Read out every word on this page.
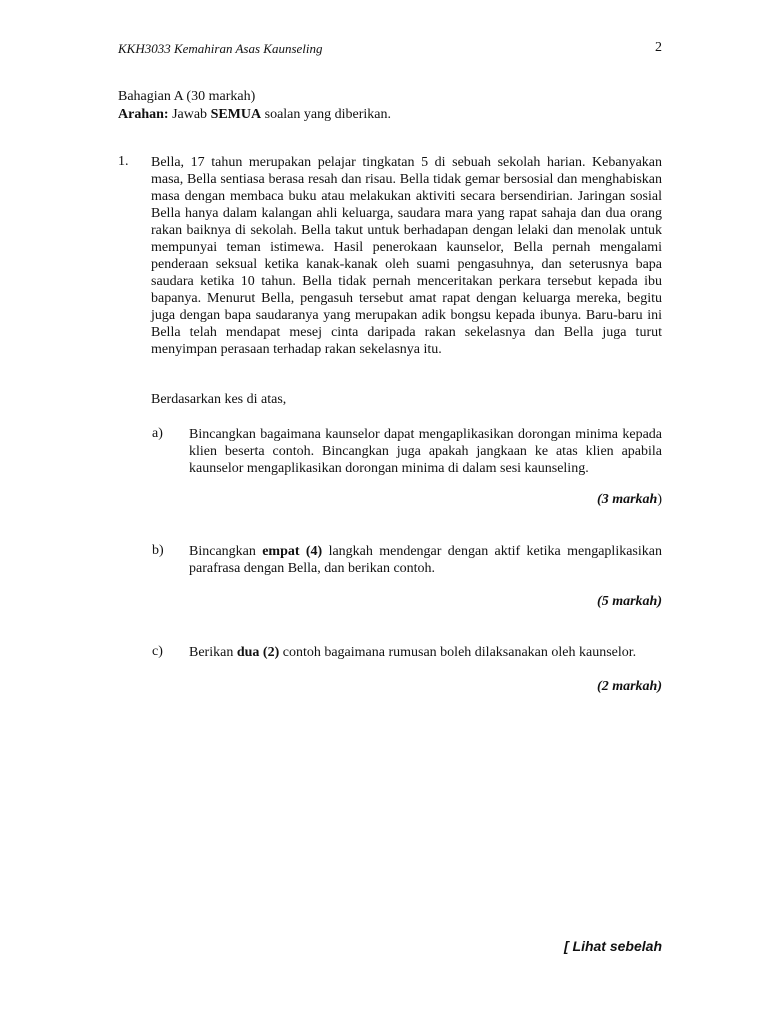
KKH3033 Kemahiran Asas Kaunseling	2
Bahagian A (30 markah)
Arahan: Jawab SEMUA soalan yang diberikan.
1. Bella, 17 tahun merupakan pelajar tingkatan 5 di sebuah sekolah harian. Kebanyakan masa, Bella sentiasa berasa resah dan risau. Bella tidak gemar bersosial dan menghabiskan masa dengan membaca buku atau melakukan aktiviti secara bersendirian. Jaringan sosial Bella hanya dalam kalangan ahli keluarga, saudara mara yang rapat sahaja dan dua orang rakan baiknya di sekolah. Bella takut untuk berhadapan dengan lelaki dan menolak untuk mempunyai teman istimewa. Hasil penerokaan kaunselor, Bella pernah mengalami penderaan seksual ketika kanak-kanak oleh suami pengasuhnya, dan seterusnya bapa saudara ketika 10 tahun. Bella tidak pernah menceritakan perkara tersebut kepada ibu bapanya. Menurut Bella, pengasuh tersebut amat rapat dengan keluarga mereka, begitu juga dengan bapa saudaranya yang merupakan adik bongsu kepada ibunya. Baru-baru ini Bella telah mendapat mesej cinta daripada rakan sekelasnya dan Bella juga turut menyimpan perasaan terhadap rakan sekelasnya itu.

Berdasarkan kes di atas,

a) Bincangkan bagaimana kaunselor dapat mengaplikasikan dorongan minima kepada klien beserta contoh. Bincangkan juga apakah jangkaan ke atas klien apabila kaunselor mengaplikasikan dorongan minima di dalam sesi kaunseling.

(3 markah)
b) Bincangkan empat (4) langkah mendengar dengan aktif ketika mengaplikasikan parafrasa dengan Bella, dan berikan contoh.

(5 markah)
c) Berikan dua (2) contoh bagaimana rumusan boleh dilaksanakan oleh kaunselor.

(2 markah)
[ Lihat sebelah
